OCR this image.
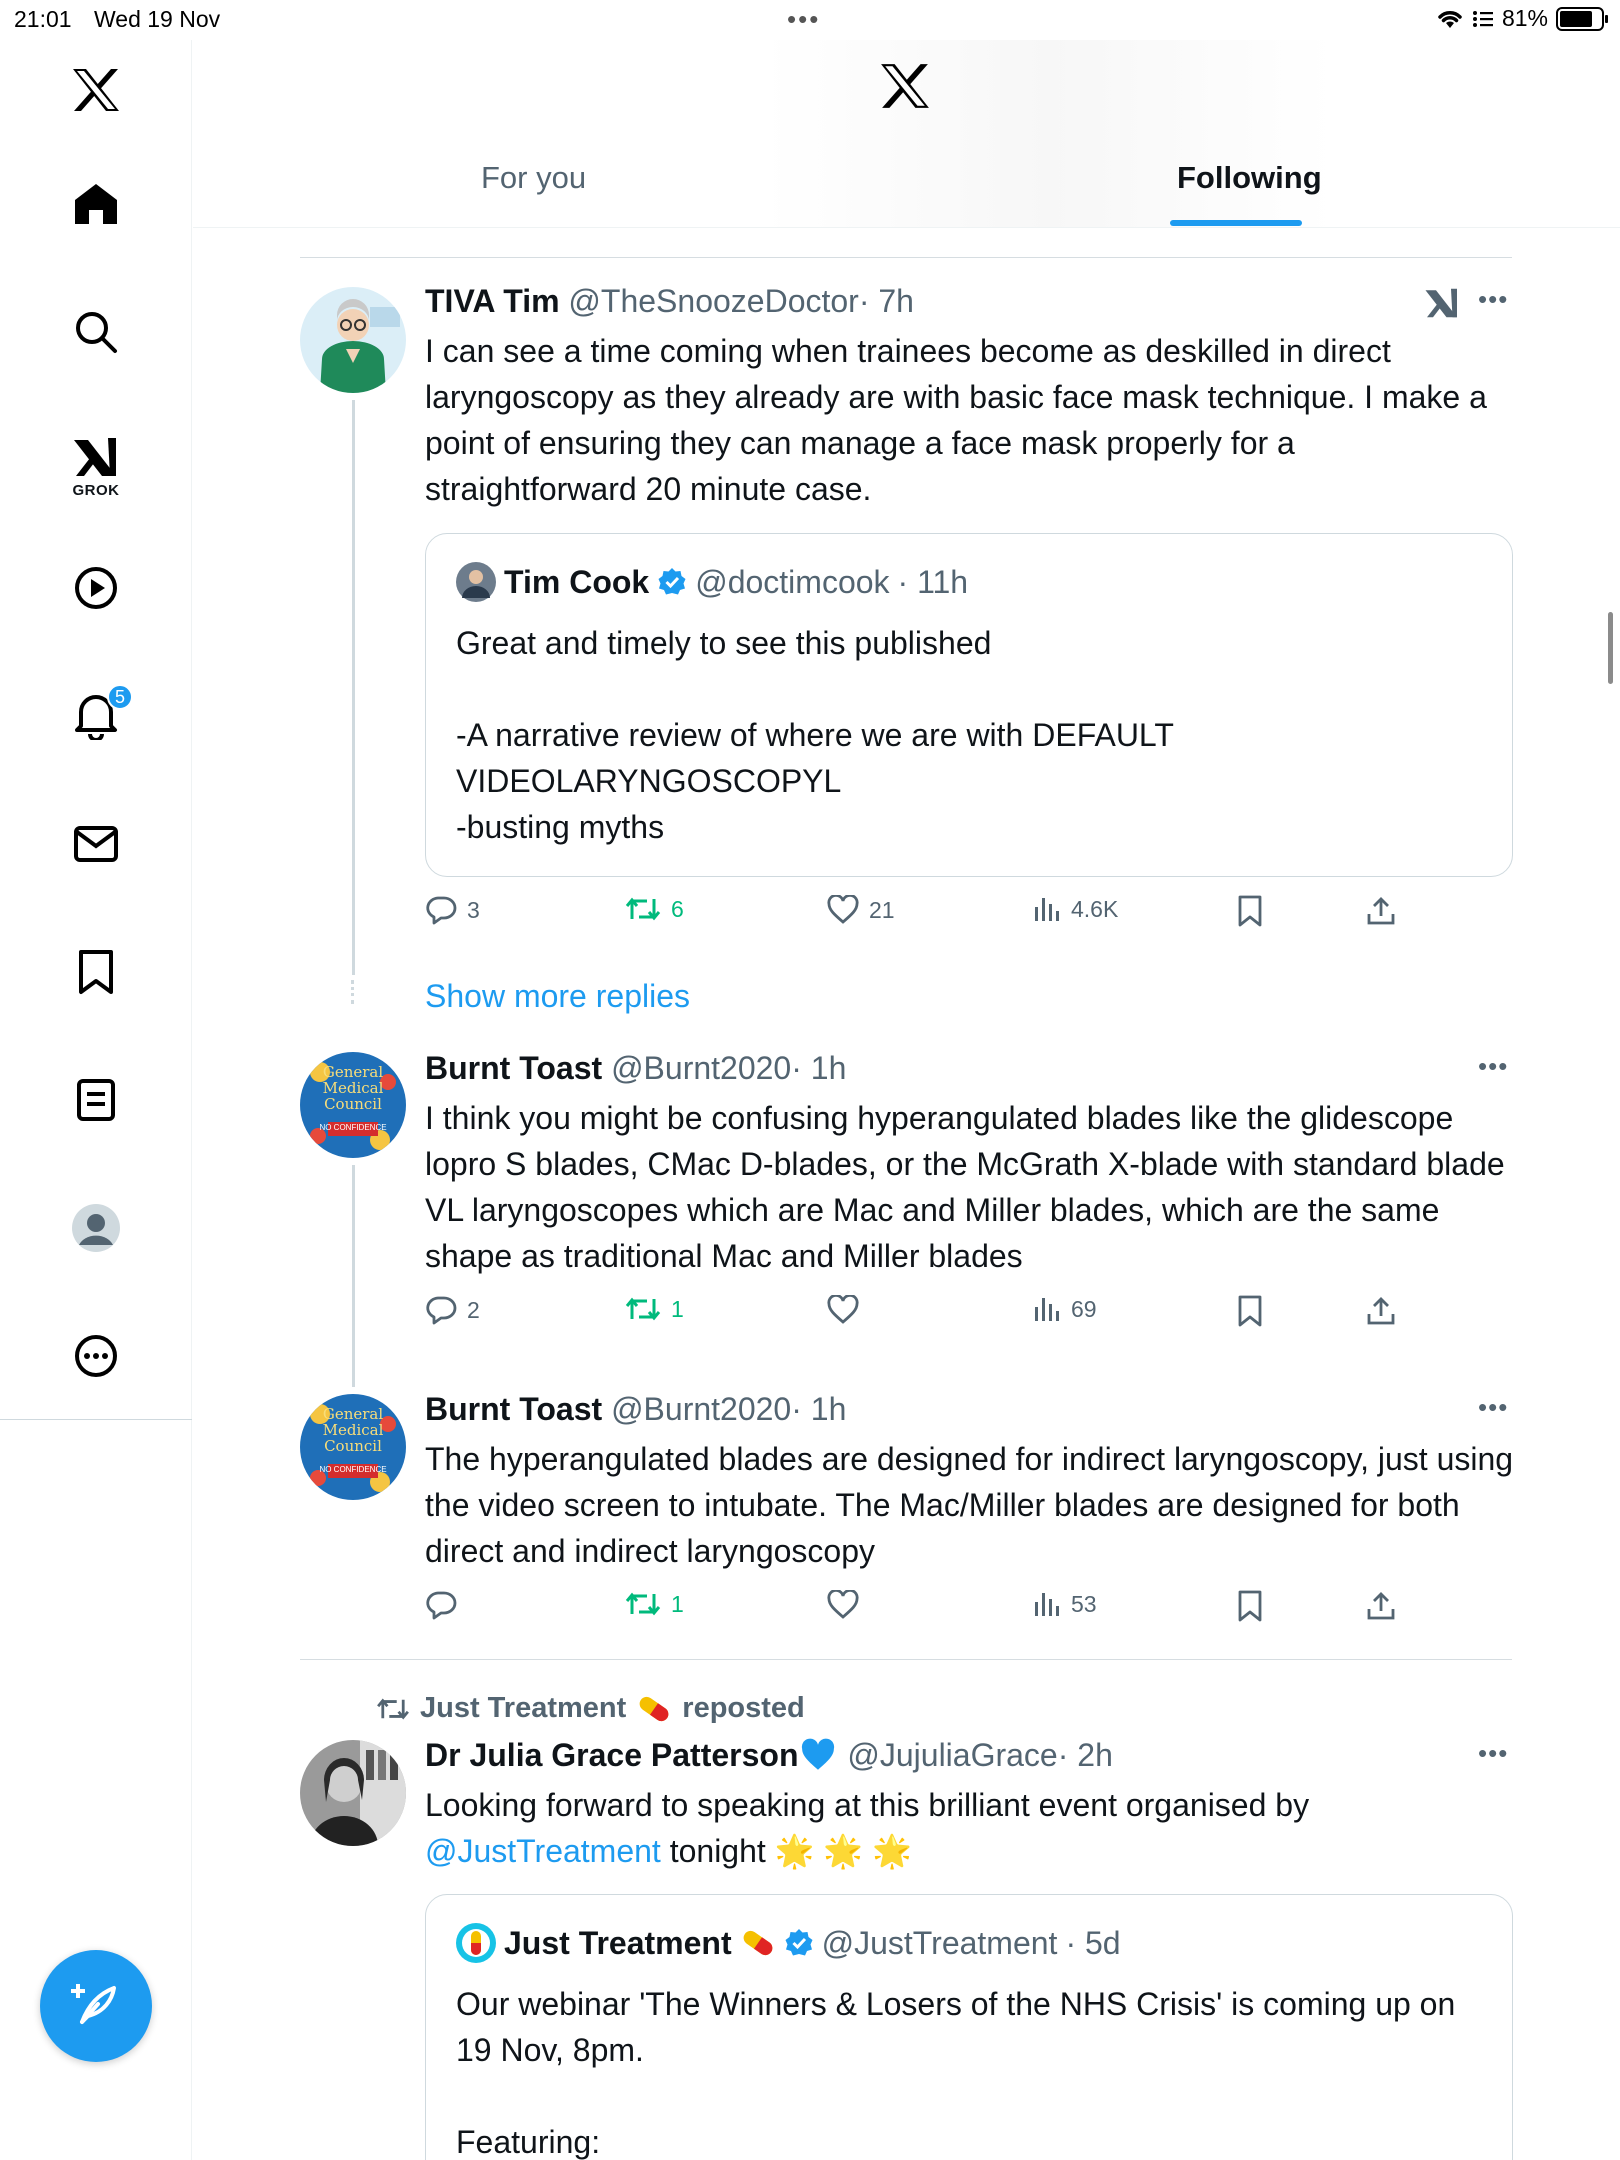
21:01 Wed 19 Nov	•••	81%
GROK
5
For you	Following
TIVA Tim @TheSnoozeDoctor· 7h	•••
I can see a time coming when trainees become as deskilled in direct laryngoscopy as they already are with basic face mask technique. I make a point of ensuring they can manage a face mask properly for a straightforward 20 minute case.
Tim Cook @doctimcook · 11h
Great and timely to see this published

-A narrative review of where we are with DEFAULT VIDEOLARYNGOSCOPYL
-busting myths
3	6	21	4.6K
Show more replies
General
Medical
Council
NO CONFIDENCE
Burnt Toast @Burnt2020· 1h	•••
I think you might be confusing hyperangulated blades like the glidescope lopro S blades, CMac D-blades, or the McGrath X-blade with standard blade VL laryngoscopes which are Mac and Miller blades, which are the same shape as traditional Mac and Miller blades
2	1	69
General
Medical
Council
NO CONFIDENCE
Burnt Toast @Burnt2020· 1h	•••
The hyperangulated blades are designed for indirect laryngoscopy, just using the video screen to intubate. The Mac/Miller blades are designed for both direct and indirect laryngoscopy
1	53
Just Treatment reposted
Dr Julia Grace Patterson @JujuliaGrace· 2h	•••
Looking forward to speaking at this brilliant event organised by @JustTreatment tonight 🌟 🌟 🌟
Just Treatment	@JustTreatment · 5d
Our webinar 'The Winners & Losers of the NHS Crisis' is coming up on 19 Nov, 8pm.

Featuring:
